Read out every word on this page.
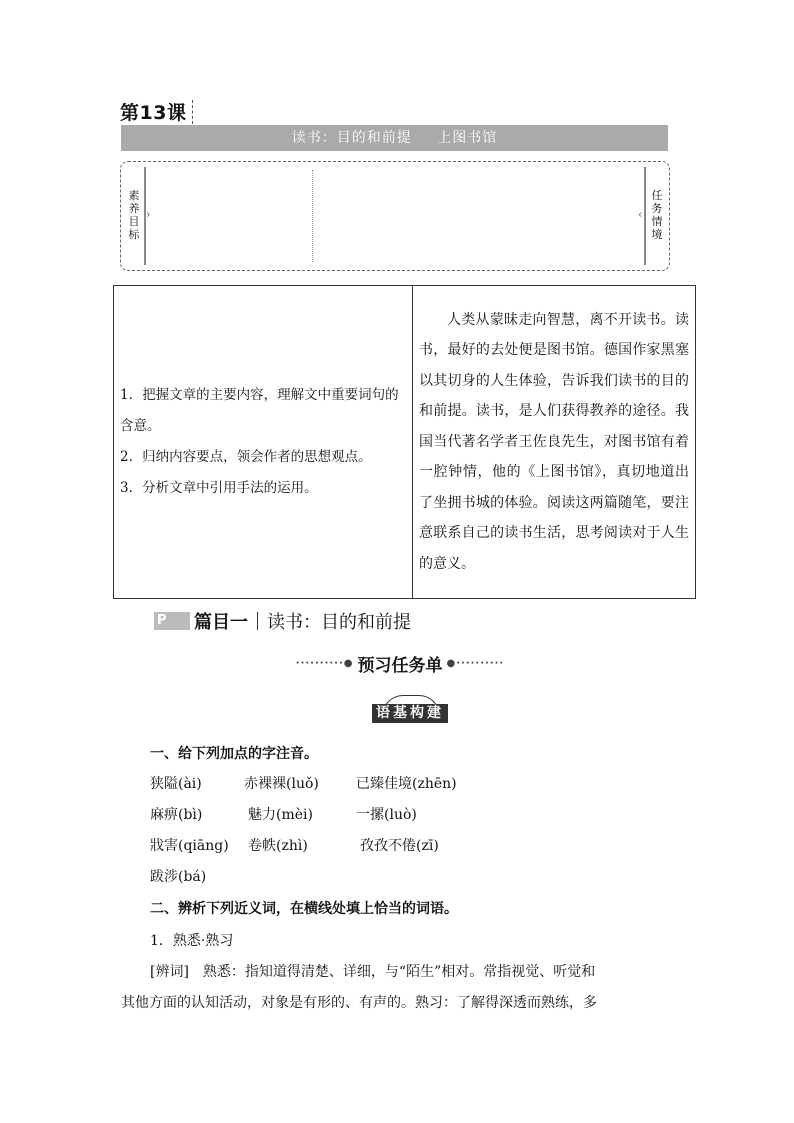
第13课
读书：目的和前提 上图书馆
素
养
目
标
›	‹
任
务
情
境
1．把握文章的主要内容，理解文中重要词句的含意。
2．归纳内容要点，领会作者的思想观点。
3．分析文章中引用手法的运用。

人类从蒙昧走向智慧，离不开读书。读书，最好的去处便是图书馆。德国作家黑塞以其切身的人生体验，告诉我们读书的目的和前提。读书，是人们获得教养的途径。我国当代著名学者王佐良先生，对图书馆有着一腔钟情，他的《上图书馆》，真切地道出了坐拥书城的体验。阅读这两篇随笔，要注意联系自己的读书生活，思考阅读对于人生的意义。

P	篇目一 读书：目的和前提
··········● 预习任务单 ●··········
语基构建
一、给下列加点的字注音。
狭隘(ài)	赤裸裸(luǒ)	已臻佳境(zhēn)
麻痹(bì)	魅力(mèi)	一摞(luò)
戕害(qiāng) 卷帙(zhì)	孜孜不倦(zī)
跋涉(bá)
二、辨析下列近义词，在横线处填上恰当的词语。
1．熟悉·熟习
[辨词]　熟悉：指知道得清楚、详细，与“陌生”相对。常指视觉、听觉和
其他方面的认知活动，对象是有形的、有声的。熟习：了解得深透而熟练，多
